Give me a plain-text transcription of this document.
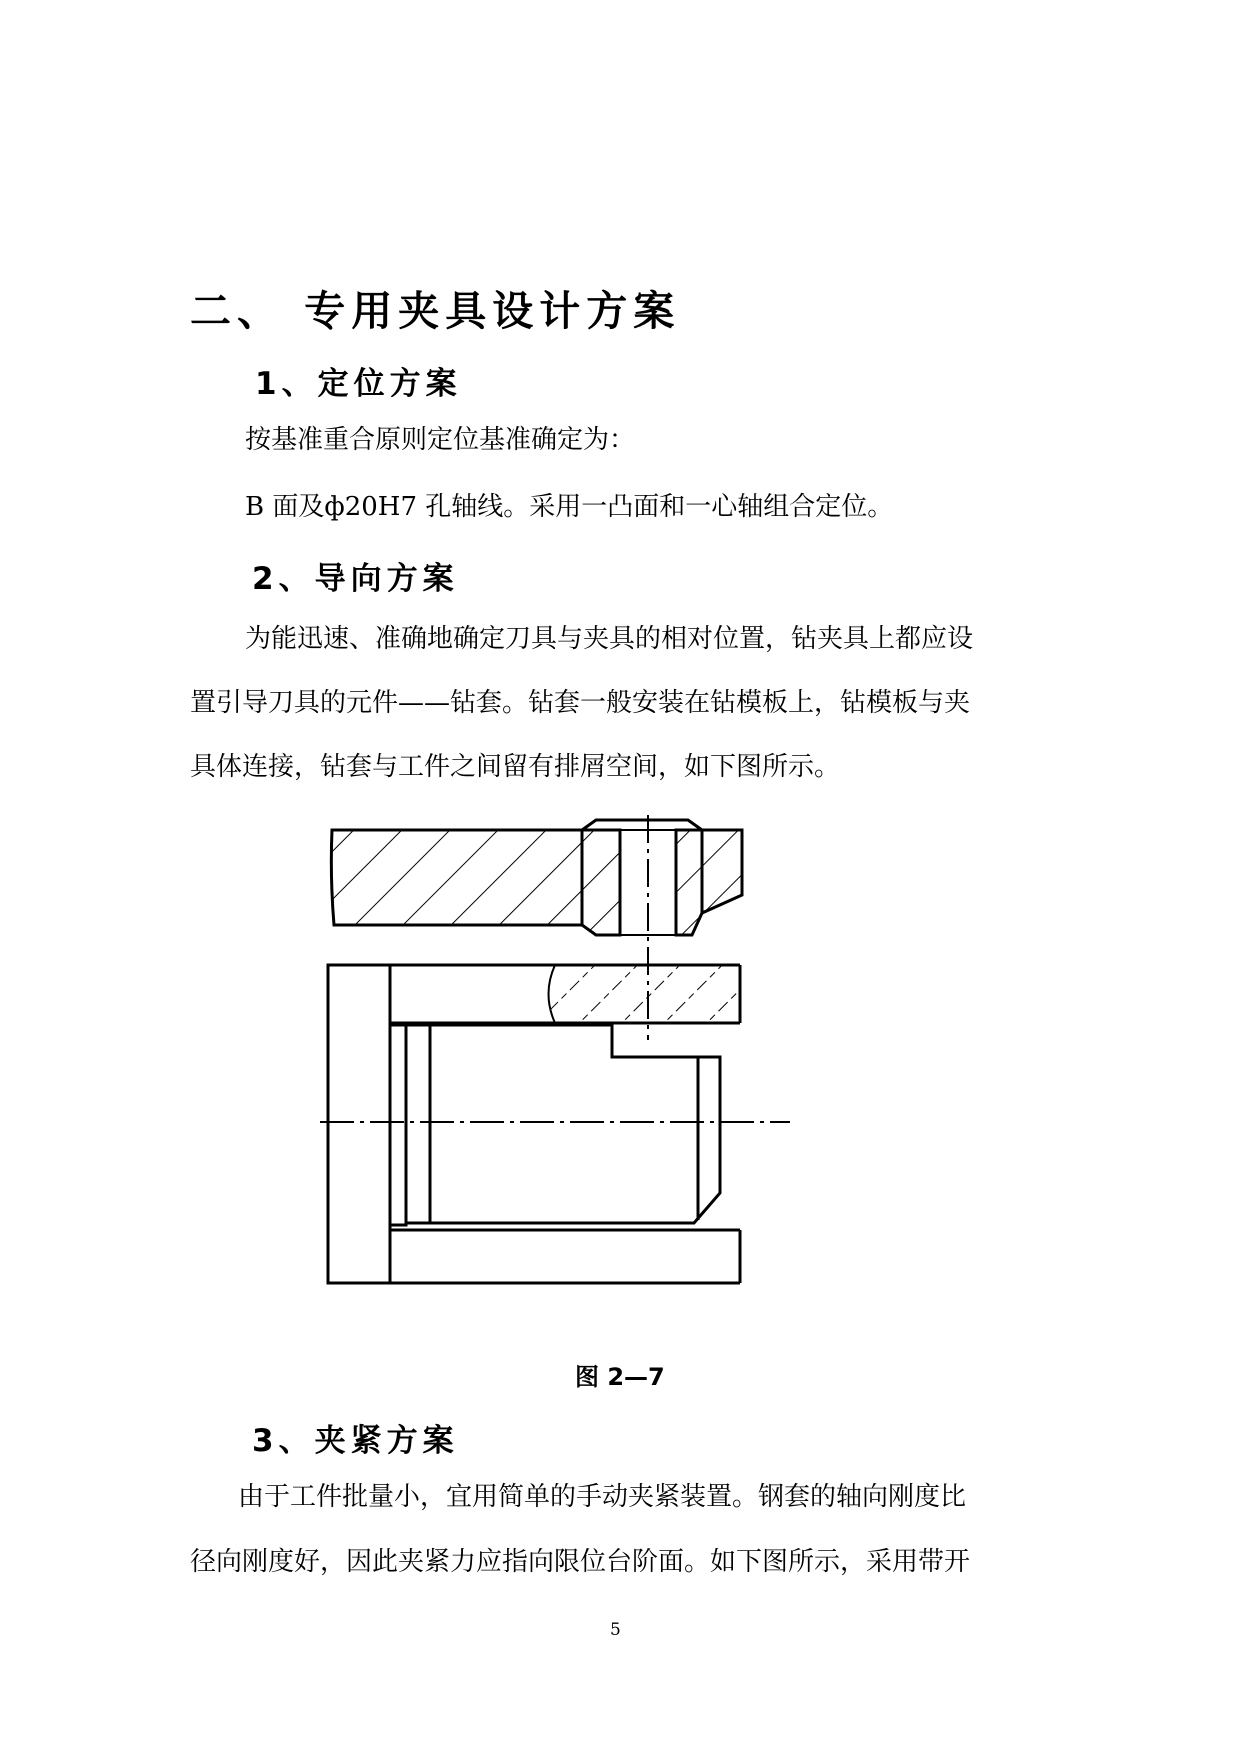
二、 专用夹具设计方案
1、定位方案

按基准重合原则定位基准确定为：

B 面及ф20H7 孔轴线。采用一凸面和一心轴组合定位。

2、导向方案

为能迅速、准确地确定刀具与夹具的相对位置，钻夹具上都应设

置引导刀具的元件——钻套。钻套一般安装在钻模板上，钻模板与夹

具体连接，钻套与工件之间留有排屑空间，如下图所示。

图 2—7
3、夹紧方案

由于工件批量小，宜用简单的手动夹紧装置。钢套的轴向刚度比

径向刚度好，因此夹紧力应指向限位台阶面。如下图所示，采用带开

5
